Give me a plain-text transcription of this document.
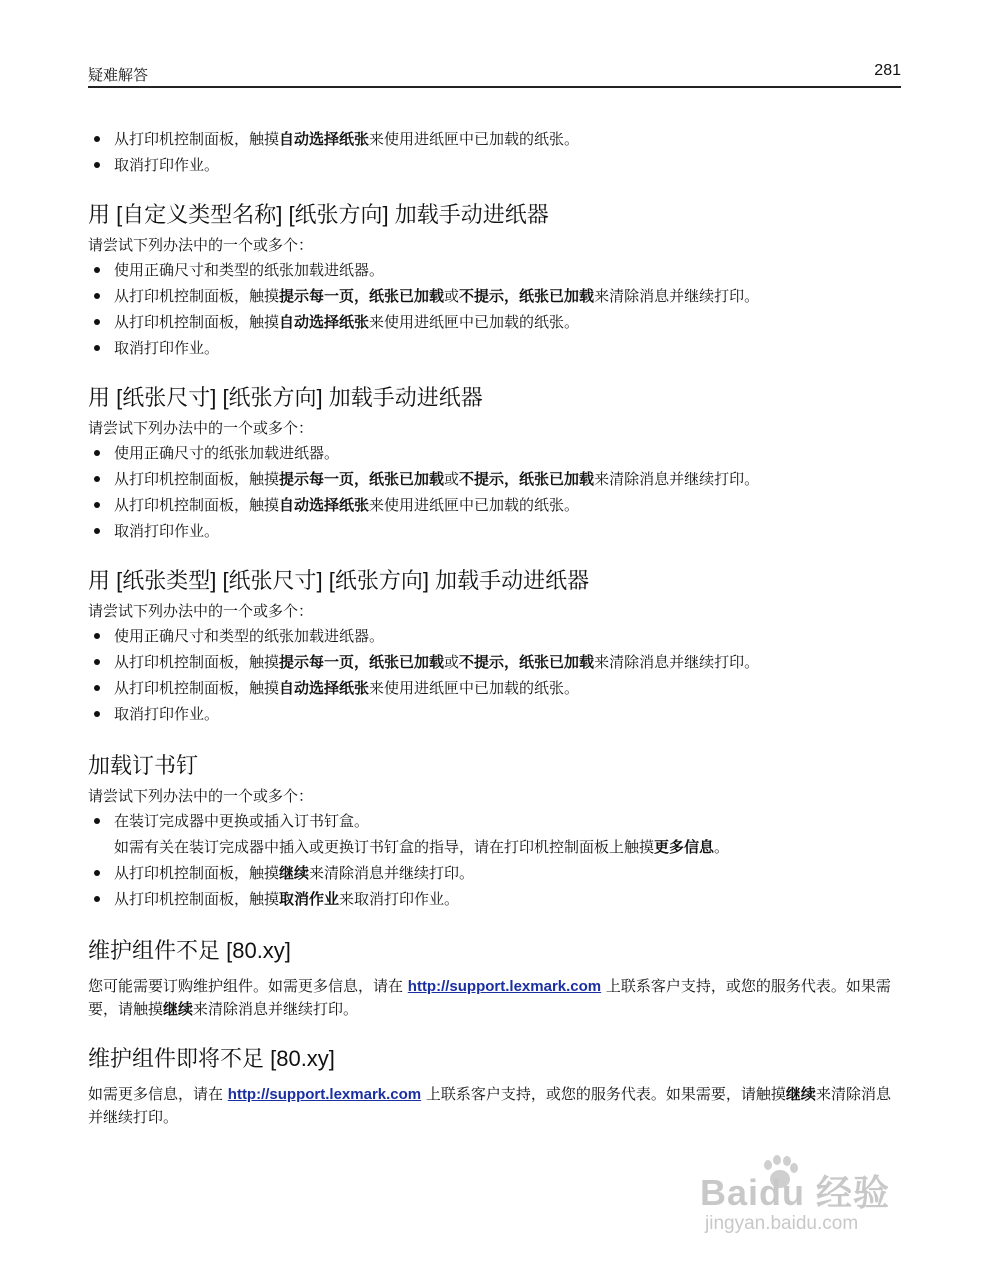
疑难解答	281
从打印机控制面板，触摸自动选择纸张来使用进纸匣中已加载的纸张。
取消打印作业。
用 [自定义类型名称] [纸张方向] 加载手动进纸器
请尝试下列办法中的一个或多个：
使用正确尺寸和类型的纸张加载进纸器。
从打印机控制面板，触摸提示每一页，纸张已加载或不提示，纸张已加载来清除消息并继续打印。
从打印机控制面板，触摸自动选择纸张来使用进纸匣中已加载的纸张。
取消打印作业。
用 [纸张尺寸] [纸张方向] 加载手动进纸器
请尝试下列办法中的一个或多个：
使用正确尺寸的纸张加载进纸器。
从打印机控制面板，触摸提示每一页，纸张已加载或不提示，纸张已加载来清除消息并继续打印。
从打印机控制面板，触摸自动选择纸张来使用进纸匣中已加载的纸张。
取消打印作业。
用 [纸张类型] [纸张尺寸] [纸张方向] 加载手动进纸器
请尝试下列办法中的一个或多个：
使用正确尺寸和类型的纸张加载进纸器。
从打印机控制面板，触摸提示每一页，纸张已加载或不提示，纸张已加载来清除消息并继续打印。
从打印机控制面板，触摸自动选择纸张来使用进纸匣中已加载的纸张。
取消打印作业。
加载订书钉
请尝试下列办法中的一个或多个：
在装订完成器中更换或插入订书钉盒。
如需有关在装订完成器中插入或更换订书钉盒的指导，请在打印机控制面板上触摸更多信息。
从打印机控制面板，触摸继续来清除消息并继续打印。
从打印机控制面板，触摸取消作业来取消打印作业。
维护组件不足 [80.xy]

您可能需要订购维护组件。如需更多信息，请在 http://support.lexmark.com 上联系客户支持，或您的服务代表。如果需要，请触摸继续来清除消息并继续打印。

维护组件即将不足 [80.xy]

如需更多信息，请在 http://support.lexmark.com 上联系客户支持，或您的服务代表。如果需要，请触摸继续来清除消息并继续打印。

Baidu 经验
jingyan.baidu.com
